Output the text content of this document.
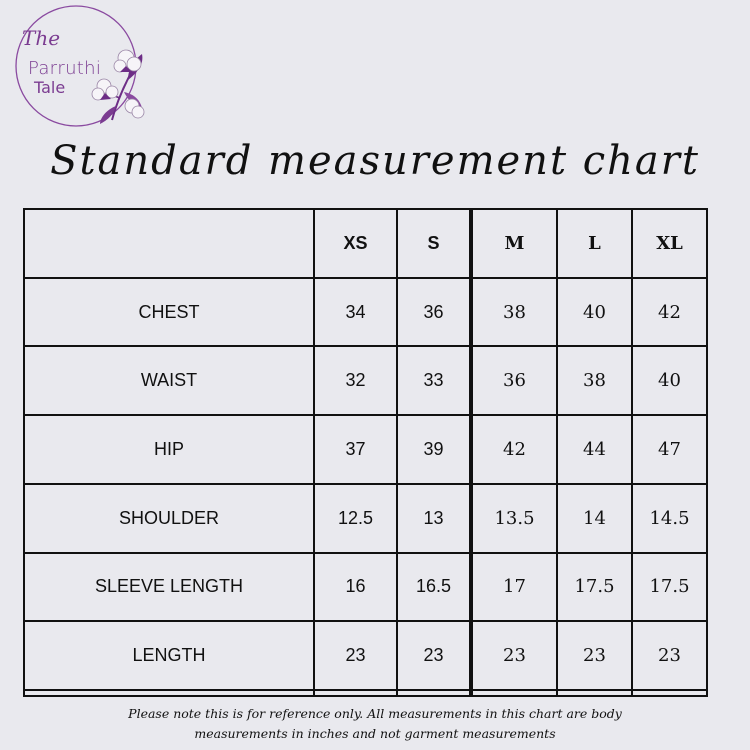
The
Parruthi
Tale
Standard measurement chart
	XS	S	M	L	XL
CHEST	34	36	38	40	42
WAIST	32	33	36	38	40
HIP	37	39	42	44	47
SHOULDER	12.5	13	13.5	14	14.5
SLEEVE LENGTH	16	16.5	17	17.5	17.5
LENGTH	23	23	23	23	23

Please note this is for reference only. All measurements in this chart are body
measurements in inches and not garment measurements
